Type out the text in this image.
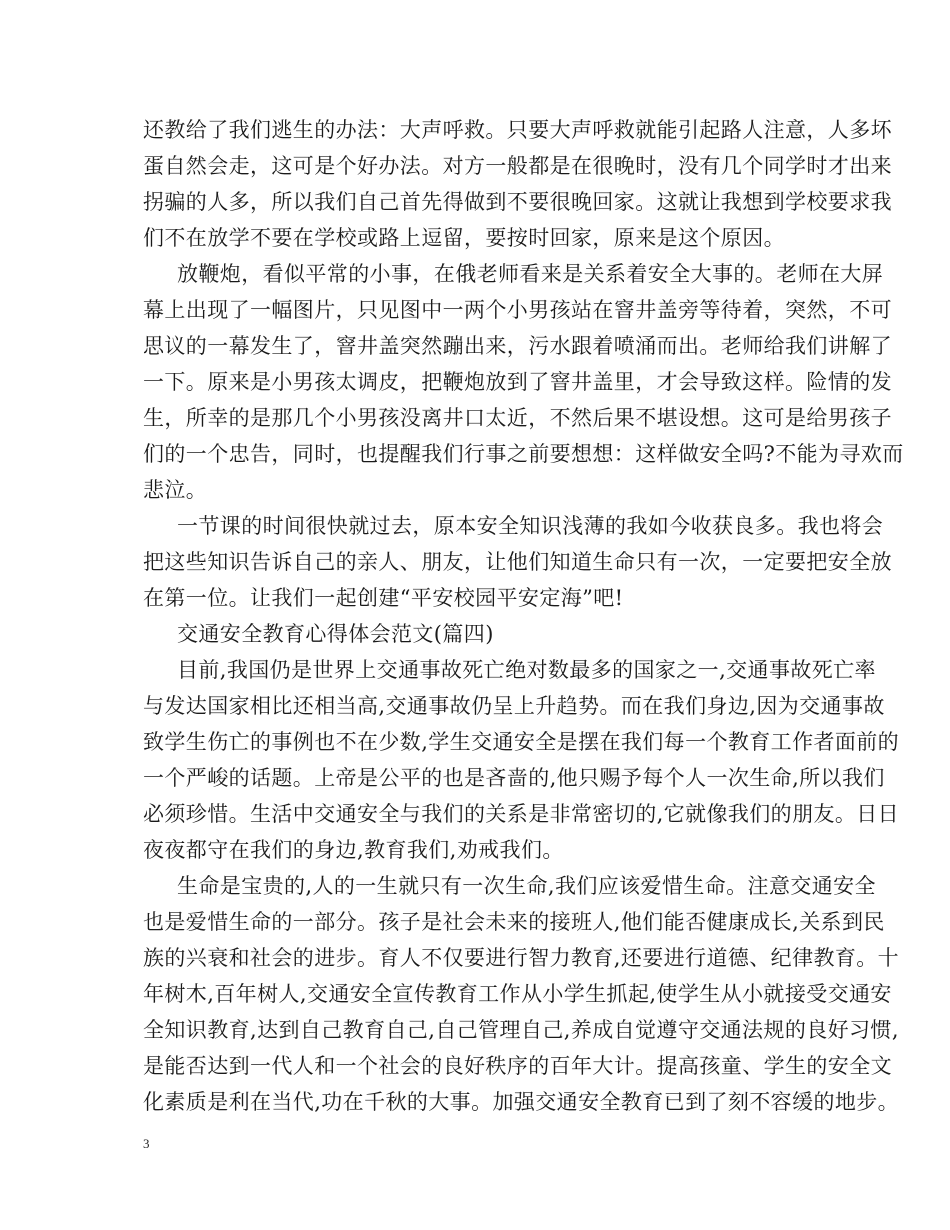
还教给了我们逃生的办法：大声呼救。只要大声呼救就能引起路人注意，人多坏
蛋自然会走，这可是个好办法。对方一般都是在很晚时，没有几个同学时才出来
拐骗的人多，所以我们自己首先得做到不要很晚回家。这就让我想到学校要求我
们不在放学不要在学校或路上逗留，要按时回家，原来是这个原因。
放鞭炮，看似平常的小事，在俄老师看来是关系着安全大事的。老师在大屏
幕上出现了一幅图片，只见图中一两个小男孩站在窨井盖旁等待着，突然，不可
思议的一幕发生了，窨井盖突然蹦出来，污水跟着喷涌而出。老师给我们讲解了
一下。原来是小男孩太调皮，把鞭炮放到了窨井盖里，才会导致这样。险情的发
生，所幸的是那几个小男孩没离井口太近，不然后果不堪设想。这可是给男孩子
们的一个忠告，同时，也提醒我们行事之前要想想：这样做安全吗?不能为寻欢而
悲泣。
一节课的时间很快就过去，原本安全知识浅薄的我如今收获良多。我也将会
把这些知识告诉自己的亲人、朋友，让他们知道生命只有一次，一定要把安全放
在第一位。让我们一起创建“平安校园平安定海”吧!
交通安全教育心得体会范文(篇四)
目前,我国仍是世界上交通事故死亡绝对数最多的国家之一,交通事故死亡率
与发达国家相比还相当高,交通事故仍呈上升趋势。而在我们身边,因为交通事故
致学生伤亡的事例也不在少数,学生交通安全是摆在我们每一个教育工作者面前的
一个严峻的话题。上帝是公平的也是吝啬的,他只赐予每个人一次生命,所以我们
必须珍惜。生活中交通安全与我们的关系是非常密切的,它就像我们的朋友。日日
夜夜都守在我们的身边,教育我们,劝戒我们。
生命是宝贵的,人的一生就只有一次生命,我们应该爱惜生命。注意交通安全
也是爱惜生命的一部分。孩子是社会未来的接班人,他们能否健康成长,关系到民
族的兴衰和社会的进步。育人不仅要进行智力教育,还要进行道德、纪律教育。十
年树木,百年树人,交通安全宣传教育工作从小学生抓起,使学生从小就接受交通安
全知识教育,达到自己教育自己,自己管理自己,养成自觉遵守交通法规的良好习惯,
是能否达到一代人和一个社会的良好秩序的百年大计。提高孩童、学生的安全文
化素质是利在当代,功在千秋的大事。加强交通安全教育已到了刻不容缓的地步。
3
